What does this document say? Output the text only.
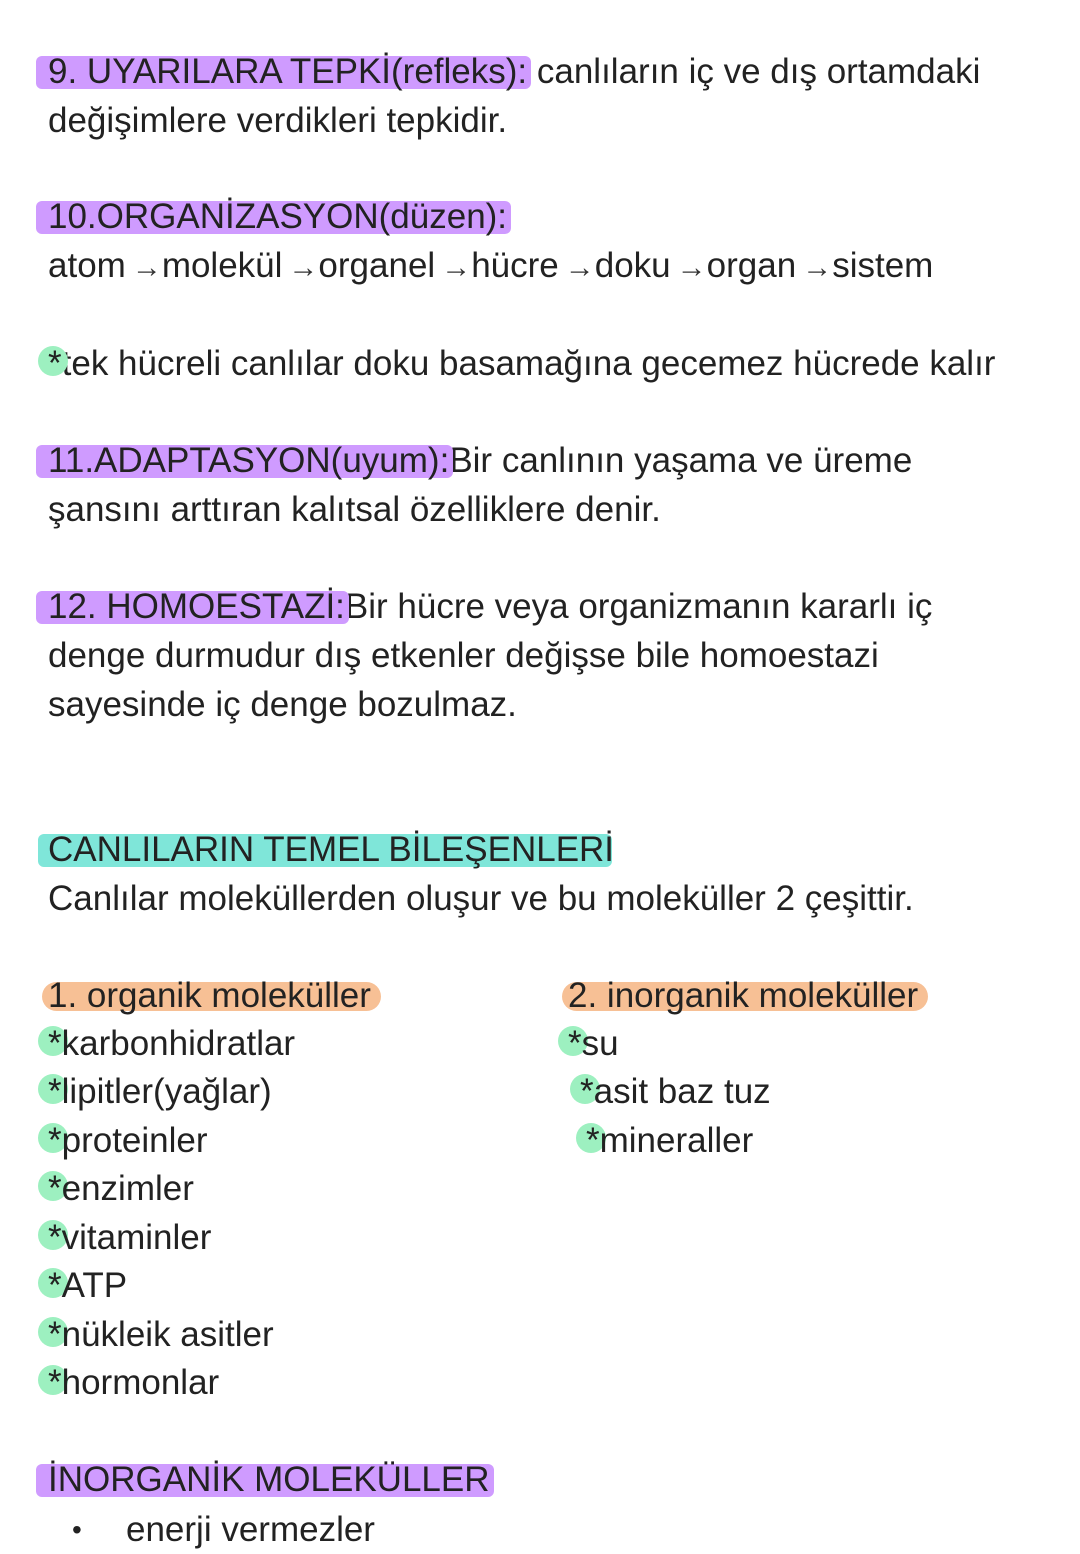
9. UYARILARA TEPKİ(refleks): canlıların iç ve dış ortamdaki
değişimlere verdikleri tepkidir.
10.ORGANİZASYON(düzen):
atom →molekül →organel →hücre →doku →organ →sistem
*tek hücreli canlılar doku basamağına gecemez hücrede kalır
11.ADAPTASYON(uyum):Bir canlının yaşama ve üreme
şansını arttıran kalıtsal özelliklere denir.
12. HOMOESTAZİ:Bir hücre veya organizmanın kararlı iç
denge durmudur dış etkenler değişse bile homoestazi
sayesinde iç denge bozulmaz.
CANLILARIN TEMEL BİLEŞENLERİ
Canlılar moleküllerden oluşur ve bu moleküller 2 çeşittir.
1. organik moleküller
*karbonhidratlar
*lipitler(yağlar)
*proteinler
*enzimler
*vitaminler
*ATP
*nükleik asitler
*hormonlar
2. inorganik moleküller
*su
*asit baz tuz
*mineraller
İNORGANİK MOLEKÜLLER
• enerji vermezler
